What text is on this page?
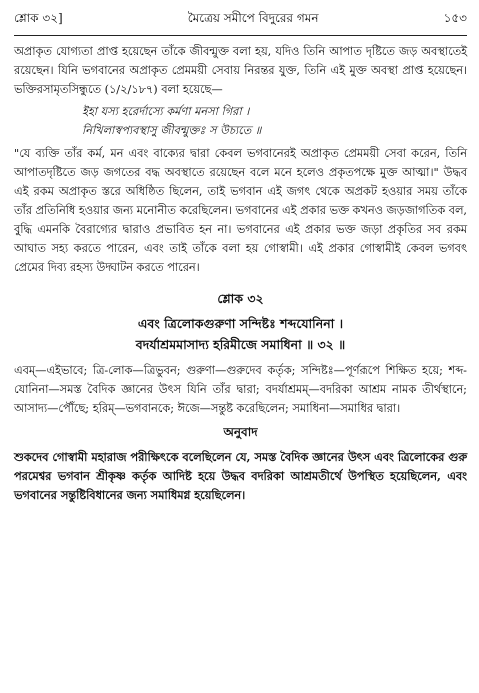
শ্লোক ৩২]	মৈত্রেয় সমীপে বিদুরের গমন	১৫৩

অপ্রাকৃত যোগ্যতা প্রাপ্ত হয়েছেন তাঁকে জীবন্মুক্ত বলা হয়, যদিও তিনি আপাত দৃষ্টিতে জড় অবস্থাতেই রয়েছেন। যিনি ভগবানের অপ্রাকৃত প্রেমময়ী সেবায় নিরন্তর যুক্ত, তিনি এই মুক্ত অবস্থা প্রাপ্ত হয়েছেন। ভক্তিরসামৃতসিন্ধুতে (১/২/১৮৭) বলা হয়েছে—

ইহা যস্য হরের্দাস্যে কর্মণা মনসা গিরা ।
নিখিলাস্বপ্যবস্থাসু জীবন্মুক্তঃ স উচ্যতে ॥

"যে ব্যক্তি তাঁর কর্ম, মন এবং বাক্যের দ্বারা কেবল ভগবানেরই অপ্রাকৃত প্রেমময়ী সেবা করেন, তিনি আপাতদৃষ্টিতে জড় জগতের বদ্ধ অবস্থাতে রয়েছেন বলে মনে হলেও প্রকৃতপক্ষে মুক্ত আত্মা।" উদ্ধব এই রকম অপ্রাকৃত স্তরে অধিষ্ঠিত ছিলেন, তাই ভগবান এই জগৎ থেকে অপ্রকট হওয়ার সময় তাঁকে তাঁর প্রতিনিধি হওয়ার জন্য মনোনীত করেছিলেন। ভগবানের এই প্রকার ভক্ত কখনও জড়জাগতিক বল, বুদ্ধি এমনকি বৈরাগ্যের দ্বারাও প্রভাবিত হন না। ভগবানের এই প্রকার ভক্ত জড়া প্রকৃতির সব রকম আঘাত সহ্য করতে পারেন, এবং তাই তাঁকে বলা হয় গোস্বামী। এই প্রকার গোস্বামীই কেবল ভগবৎ প্রেমের দিব্য রহস্য উদ্ঘাটন করতে পারেন।

শ্লোক ৩২
এবং ত্রিলোকগুরুণা সন্দিষ্টঃ শব্দযোনিনা ।
বদর্যাশ্রমমাসাদ্য হরিমীজে সমাধিনা ॥ ৩২ ॥

এবম্—এইভাবে; ত্রি-লোক—ত্রিভুবন; গুরুণা—গুরুদেব কর্তৃক; সন্দিষ্টঃ—পূর্ণরূপে শিক্ষিত হয়ে; শব্দ-যোনিনা—সমস্ত বৈদিক জ্ঞানের উৎস যিনি তাঁর দ্বারা; বদর্যাশ্রমম্—বদরিকা আশ্রম নামক তীর্থস্থানে; আসাদ্য—পৌঁছে; হরিম্—ভগবানকে; ঈজে—সন্তুষ্ট করেছিলেন; সমাধিনা—সমাধির দ্বারা।

অনুবাদ

শুকদেব গোস্বামী মহারাজ পরীক্ষিৎকে বলেছিলেন যে, সমস্ত বৈদিক জ্ঞানের উৎস এবং ত্রিলোকের গুরু পরমেশ্বর ভগবান শ্রীকৃষ্ণ কর্তৃক আদিষ্ট হয়ে উদ্ধব বদরিকা আশ্রমতীর্থে উপস্থিত হয়েছিলেন, এবং ভগবানের সন্তুষ্টিবিধানের জন্য সমাধিমগ্ন হয়েছিলেন।
